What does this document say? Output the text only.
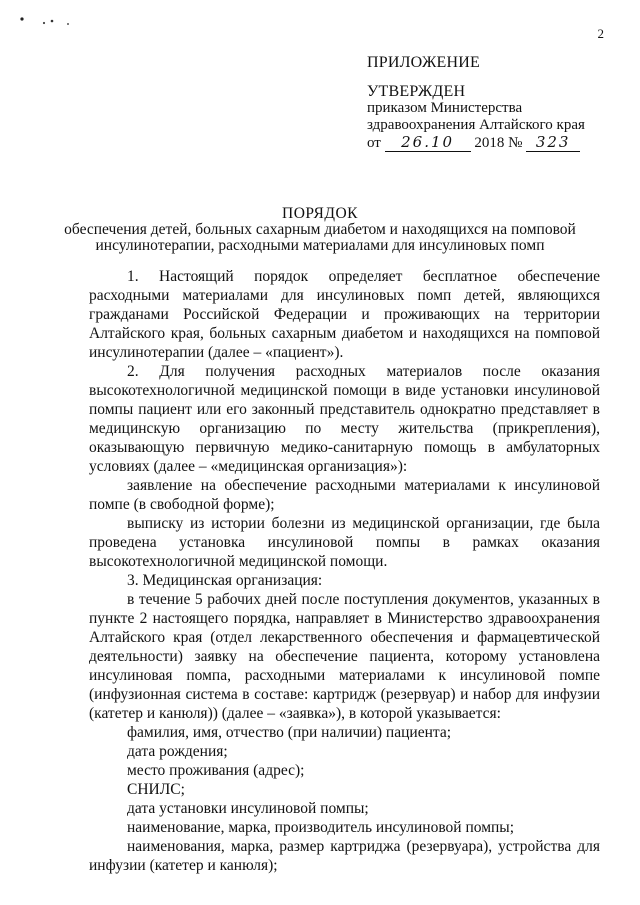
2
ПРИЛОЖЕНИЕ
УТВЕРЖДЕН
приказом Министерства
здравоохранения Алтайского края
от 26.10 2018 № 323
ПОРЯДОК
обеспечения детей, больных сахарным диабетом и находящихся на помповой
инсулинотерапии, расходными материалами для инсулиновых помп

1. Настоящий порядок определяет бесплатное обеспечение расходными материалами для инсулиновых помп детей, являющихся гражданами Российской Федерации и проживающих на территории Алтайского края, больных сахарным диабетом и находящихся на помповой инсулинотерапии (далее – «пациент»).

2. Для получения расходных материалов после оказания высокотехнологичной медицинской помощи в виде установки инсулиновой помпы пациент или его законный представитель однократно представляет в медицинскую организацию по месту жительства (прикрепления), оказывающую первичную медико-санитарную помощь в амбулаторных условиях (далее – «медицинская организация»):

заявление на обеспечение расходными материалами к инсулиновой помпе (в свободной форме);

выписку из истории болезни из медицинской организации, где была проведена установка инсулиновой помпы в рамках оказания высокотехнологичной медицинской помощи.

3. Медицинская организация:

в течение 5 рабочих дней после поступления документов, указанных в пункте 2 настоящего порядка, направляет в Министерство здравоохранения Алтайского края (отдел лекарственного обеспечения и фармацевтической деятельности) заявку на обеспечение пациента, которому установлена инсулиновая помпа, расходными материалами к инсулиновой помпе (инфузионная система в составе: картридж (резервуар) и набор для инфузии (катетер и канюля)) (далее – «заявка»), в которой указывается:

фамилия, имя, отчество (при наличии) пациента;

дата рождения;

место проживания (адрес);

СНИЛС;

дата установки инсулиновой помпы;

наименование, марка, производитель инсулиновой помпы;

наименования, марка, размер картриджа (резервуара), устройства для инфузии (катетер и канюля);
